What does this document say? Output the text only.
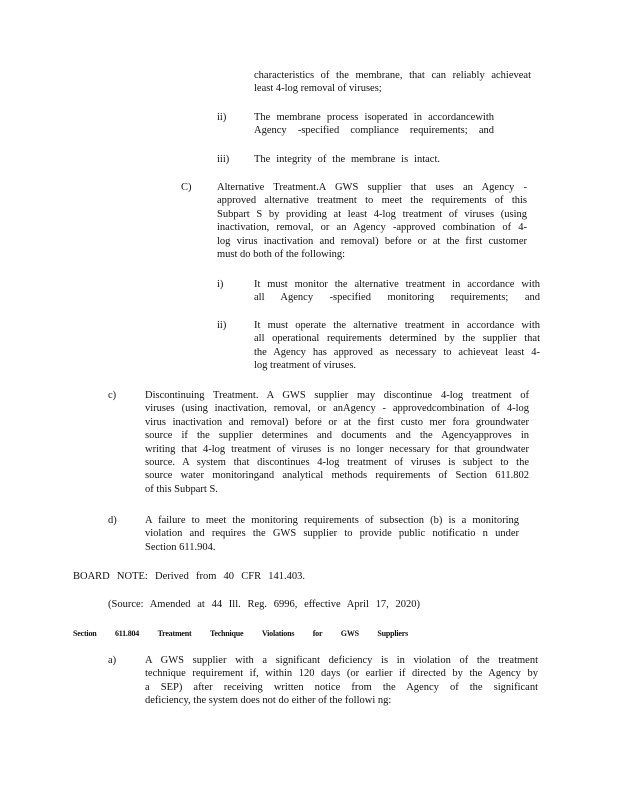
characteristics of the membrane, that can reliably achieveat
least 4-log removal of viruses;
ii)	The membrane process isoperated in accordancewith
Agency -specified compliance requirements; and
iii) The integrity of the membrane is intact.
C) Alternative Treatment.A GWS supplier that uses an Agency -
approved alternative treatment to meet the requirements of this
Subpart S by providing at least 4-log treatment of viruses (using
inactivation, removal, or an Agency -approved combination of 4-
log virus inactivation and removal) before or at the first customer
must do both of the following:
i)	It must monitor the alternative treatment in accordance with
all Agency -specified monitoring requirements; and
ii)	It must operate the alternative treatment in accordance with
all operational requirements determined by the supplier that
the Agency has approved as necessary to achieveat least 4-
log treatment of viruses.
c)	Discontinuing Treatment. A GWS supplier may discontinue 4-log treatment of
viruses (using inactivation, removal, or anAgency - approvedcombination of 4-log
virus inactivation and removal) before or at the first custo mer fora groundwater
source if the supplier determines and documents and the Agencyapproves in
writing that 4-log treatment of viruses is no longer necessary for that groundwater
source. A system that discontinues 4-log treatment of viruses is subject to the
source water monitoringand analytical methods requirements of Section 611.802
of this Subpart S.
d)	A failure to meet the monitoring requirements of subsection (b) is a monitoring
violation and requires the GWS supplier to provide public notificatio n under
Section 611.904.
BOARD NOTE: Derived from 40 CFR 141.403.
(Source: Amended at 44 Ill. Reg. 6996, effective April 17, 2020)
Section 611.804 Treatment Technique Violations for GWS Suppliers
a)	A GWS supplier with a significant deficiency is in violation of the treatment
technique requirement if, within 120 days (or earlier if directed by the Agency by
a SEP) after receiving written notice from the Agency of the significant
deficiency, the system does not do either of the followi ng:
